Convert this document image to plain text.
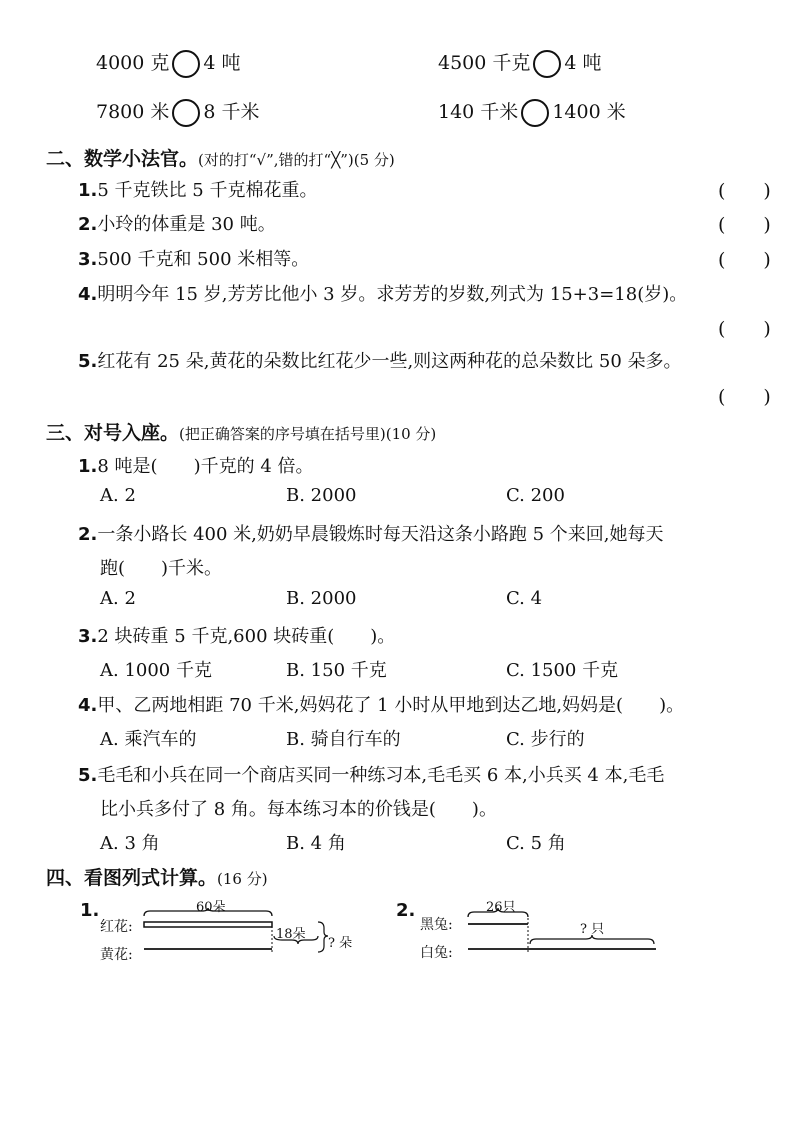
4000 克 4 吨	4500 千克 4 吨
7800 米 8 千米	140 千米 1400 米
二、数学小法官。(对的打“√”,错的打“╳”)(5 分)
1.5 千克铁比 5 千克棉花重。	(　　)
2.小玲的体重是 30 吨。	(　　)
3.500 千克和 500 米相等。	(　　)
4.明明今年 15 岁,芳芳比他小 3 岁。求芳芳的岁数,列式为 15+3=18(岁)。
(　　)
5.红花有 25 朵,黄花的朵数比红花少一些,则这两种花的总朵数比 50 朵多。
(　　)
三、对号入座。(把正确答案的序号填在括号里)(10 分)
1.8 吨是(　　)千克的 4 倍。
A. 2	B. 2000	C. 200
2.一条小路长 400 米,奶奶早晨锻炼时每天沿这条小路跑 5 个来回,她每天
跑(　　)千米。
A. 2	B. 2000	C. 4
3.2 块砖重 5 千克,600 块砖重(　　)。
A. 1000 千克	B. 150 千克	C. 1500 千克
4.甲、乙两地相距 70 千米,妈妈花了 1 小时从甲地到达乙地,妈妈是(　　)。
A. 乘汽车的	B. 骑自行车的	C. 步行的
5.毛毛和小兵在同一个商店买同一种练习本,毛毛买 6 本,小兵买 4 本,毛毛
比小兵多付了 8 角。每本练习本的价钱是(　　)。
A. 3 角	B. 4 角	C. 5 角
四、看图列式计算。(16 分)
1.
红花:
黄花:
60朵
18朵
? 朵
2.
黑兔:
白兔:
26只
? 只
